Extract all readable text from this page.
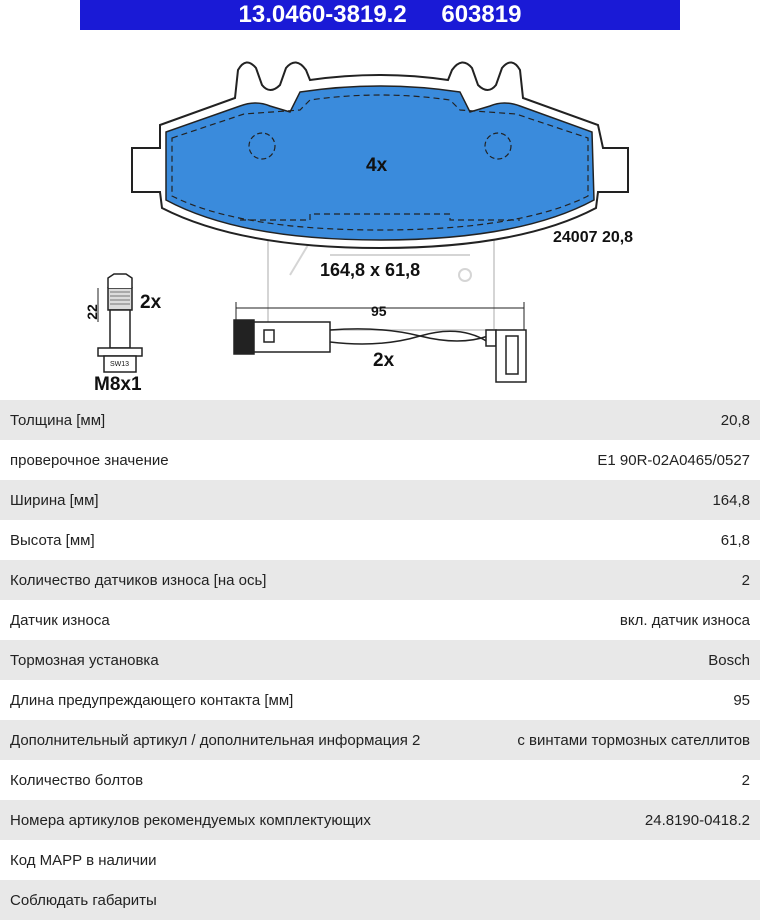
13.0460-3819.2 603819
4x
24007 20,8
164,8 x 61,8
2x
22
SW13
M8x1
95
2x
Толщина [мм]	20,8
проверочное значение	E1 90R-02A0465/0527
Ширина [мм]	164,8
Высота [мм]	61,8
Количество датчиков износа [на ось]	2
Датчик износа	вкл. датчик износа
Тормозная установка	Bosch
Длина предупреждающего контакта [мм]	95
Дополнительный артикул / дополнительная информация 2	с винтами тормозных сателлитов
Количество болтов	2
Номера артикулов рекомендуемых комплектующих	24.8190-0418.2
Код MAPP в наличии	
Соблюдать габариты	
